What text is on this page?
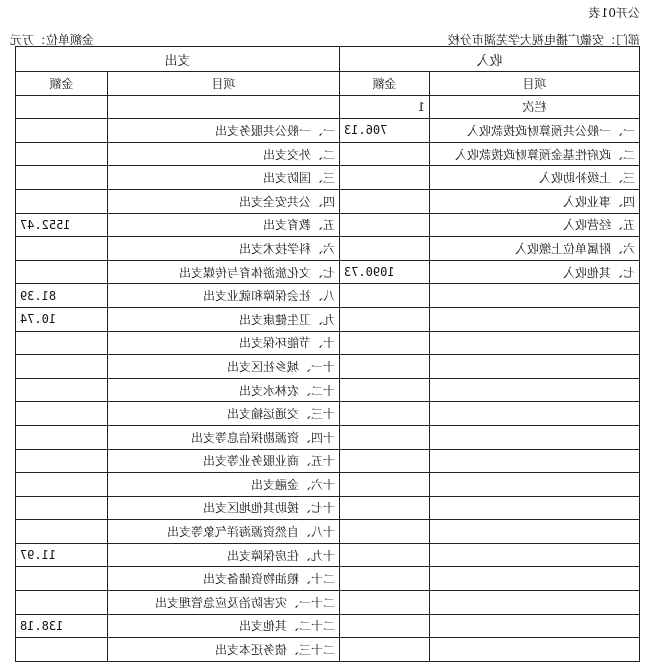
公开01表
部门：安徽广播电视大学芜湖市分校
金额单位：万元
收入		支出	
项目	金额	项目	金额
栏次	1		
一、一般公共预算财政拨款收入	706.13	一、一般公共服务支出	
二、政府性基金预算财政拨款收入		二、外交支出	
三、上级补助收入		三、国防支出	
四、事业收入		四、公共安全支出	
五、经营收入		五、教育支出	1552.47
六、附属单位上缴收入		六、科学技术支出	
七、其他收入	1090.73	七、文化旅游体育与传媒支出	
		八、社会保障和就业支出	81.39
		九、卫生健康支出	10.74
		十、节能环保支出	
		十一、城乡社区支出	
		十二、农林水支出	
		十三、交通运输支出	
		十四、资源勘探信息等支出	
		十五、商业服务业等支出	
		十六、金融支出	
		十七、援助其他地区支出	
		十八、自然资源海洋气象等支出	
		十九、住房保障支出	11.97
		二十、粮油物资储备支出	
		二十一、灾害防治及应急管理支出	
		二十二、其他支出	138.18
		二十三、债务还本支出	
